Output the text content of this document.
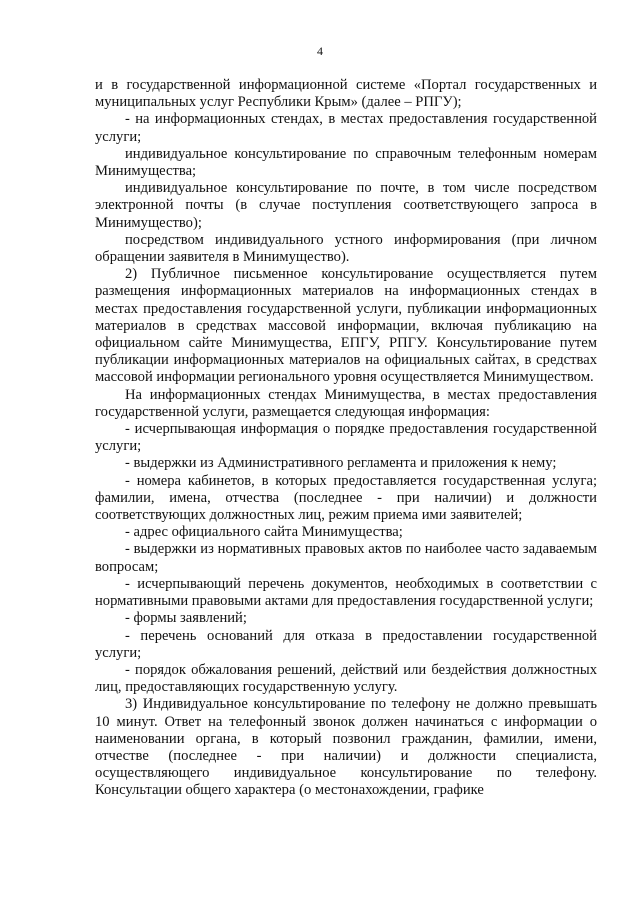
4

и в государственной информационной системе «Портал государственных и муниципальных услуг Республики Крым» (далее – РПГУ);

- на информационных стендах, в местах предоставления государственной услуги;

индивидуальное консультирование по справочным телефонным номерам Минимущества;

индивидуальное консультирование по почте, в том числе посредством электронной почты (в случае поступления соответствующего запроса в Минимущество);

посредством индивидуального устного информирования (при личном обращении заявителя в Минимущество).

2) Публичное письменное консультирование осуществляется путем размещения информационных материалов на информационных стендах в местах предоставления государственной услуги, публикации информационных материалов в средствах массовой информации, включая публикацию на официальном сайте Минимущества, ЕПГУ, РПГУ. Консультирование путем публикации информационных материалов на официальных сайтах, в средствах массовой информации регионального уровня осуществляется Минимуществом.

На информационных стендах Минимущества, в местах предоставления государственной услуги, размещается следующая информация:

- исчерпывающая информация о порядке предоставления государственной услуги;

- выдержки из Административного регламента и приложения к нему;

- номера кабинетов, в которых предоставляется государственная услуга; фамилии, имена, отчества (последнее - при наличии) и должности соответствующих должностных лиц, режим приема ими заявителей;

- адрес официального сайта Минимущества;

- выдержки из нормативных правовых актов по наиболее часто задаваемым вопросам;

- исчерпывающий перечень документов, необходимых в соответствии с нормативными правовыми актами для предоставления государственной услуги;

- формы заявлений;

- перечень оснований для отказа в предоставлении государственной услуги;

- порядок обжалования решений, действий или бездействия должностных лиц, предоставляющих государственную услугу.

3) Индивидуальное консультирование по телефону не должно превышать 10 минут. Ответ на телефонный звонок должен начинаться с информации о наименовании органа, в который позвонил гражданин, фамилии, имени, отчестве (последнее - при наличии) и должности специалиста, осуществляющего индивидуальное консультирование по телефону. Консультации общего характера (о местонахождении, графике
